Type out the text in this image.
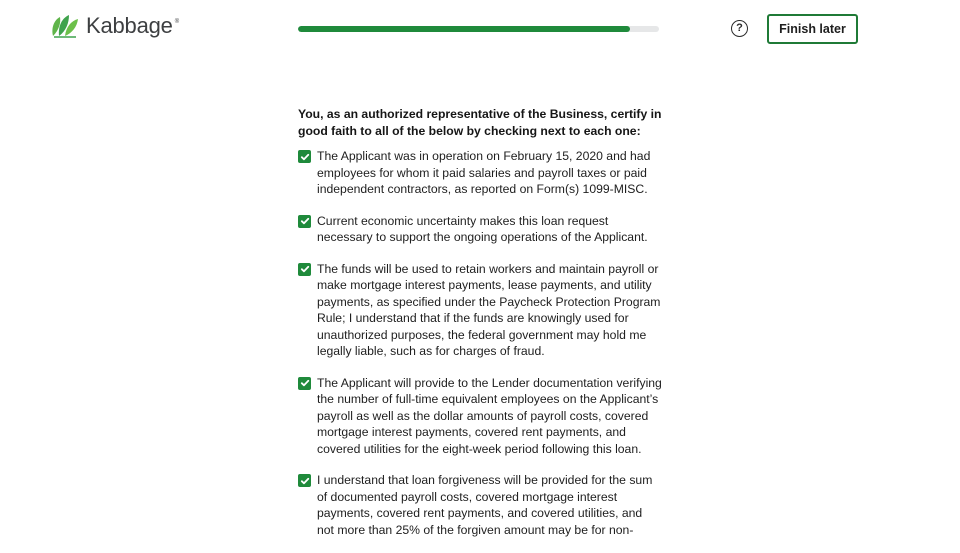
Kabbage ®	?	Finish later

You, as an authorized representative of the Business, certify in good faith to all of the below by checking next to each one:

The Applicant was in operation on February 15, 2020 and had employees for whom it paid salaries and payroll taxes or paid independent contractors, as reported on Form(s) 1099-MISC.
Current economic uncertainty makes this loan request necessary to support the ongoing operations of the Applicant.
The funds will be used to retain workers and maintain payroll or make mortgage interest payments, lease payments, and utility payments, as specified under the Paycheck Protection Program Rule; I understand that if the funds are knowingly used for unauthorized purposes, the federal government may hold me legally liable, such as for charges of fraud.
The Applicant will provide to the Lender documentation verifying the number of full-time equivalent employees on the Applicant’s payroll as well as the dollar amounts of payroll costs, covered mortgage interest payments, covered rent payments, and covered utilities for the eight-week period following this loan.
I understand that loan forgiveness will be provided for the sum of documented payroll costs, covered mortgage interest payments, covered rent payments, and covered utilities, and not more than 25% of the forgiven amount may be for non-
